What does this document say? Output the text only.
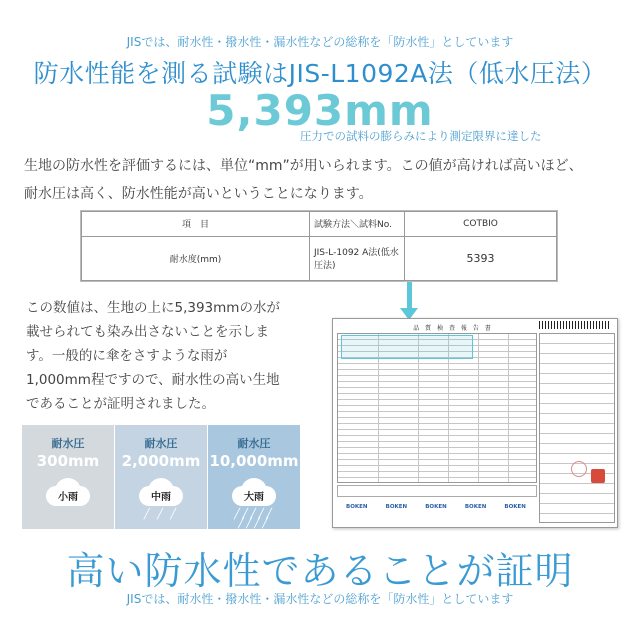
JISでは、耐水性・撥水性・漏水性などの総称を「防水性」としています
防水性能を測る試験はJIS-L1092A法（低水圧法）
5,393mm
圧力での試料の膨らみにより測定限界に達した
生地の防水性を評価するには、単位“mm”が用いられます。この値が高ければ高いほど、
耐水圧は高く、防水性能が高いということになります。
項　目	試験方法＼試料No.	COTBIO
耐水度(mm)	JIS-L-1092 A法(低水圧法)	5393
この数値は、生地の上に5,393mmの水が
載せられても染み出さないことを示しま
す。一般的に傘をさすような雨が
1,000mm程ですので、耐水性の高い生地
であることが証明されました。
耐水圧
300mm
小雨
耐水圧
2,000mm
中雨
╱ ╱ ╱
耐水圧
10,000mm
大雨
╱╱╱╱╱
╱╱╱╱
品 質 検 査 報 告 書
BOKEN	BOKEN	BOKEN	BOKEN	BOKEN
高い防水性であることが証明
JISでは、耐水性・撥水性・漏水性などの総称を「防水性」としています
